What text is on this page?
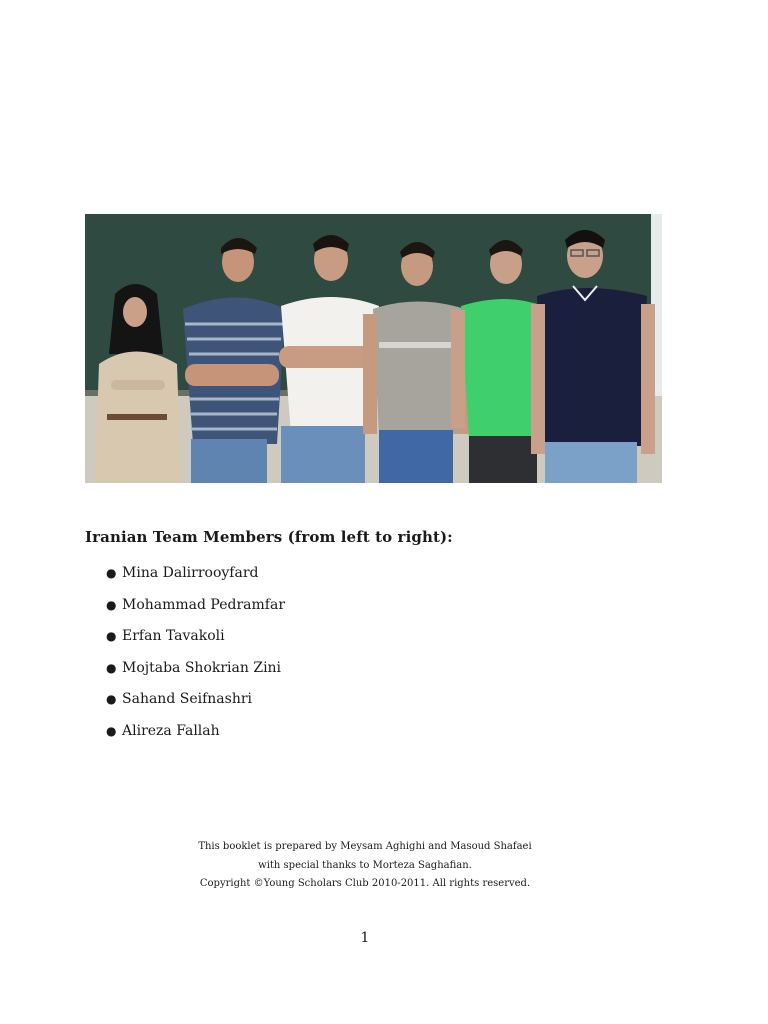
Iranian Team Members (from left to right):
● Mina Dalirrooyfard
● Mohammad Pedramfar
● Erfan Tavakoli
● Mojtaba Shokrian Zini
● Sahand Seifnashri
● Alireza Fallah
This booklet is prepared by Meysam Aghighi and Masoud Shafaei
with special thanks to Morteza Saghafian.
Copyright ©Young Scholars Club 2010-2011. All rights reserved.
1
